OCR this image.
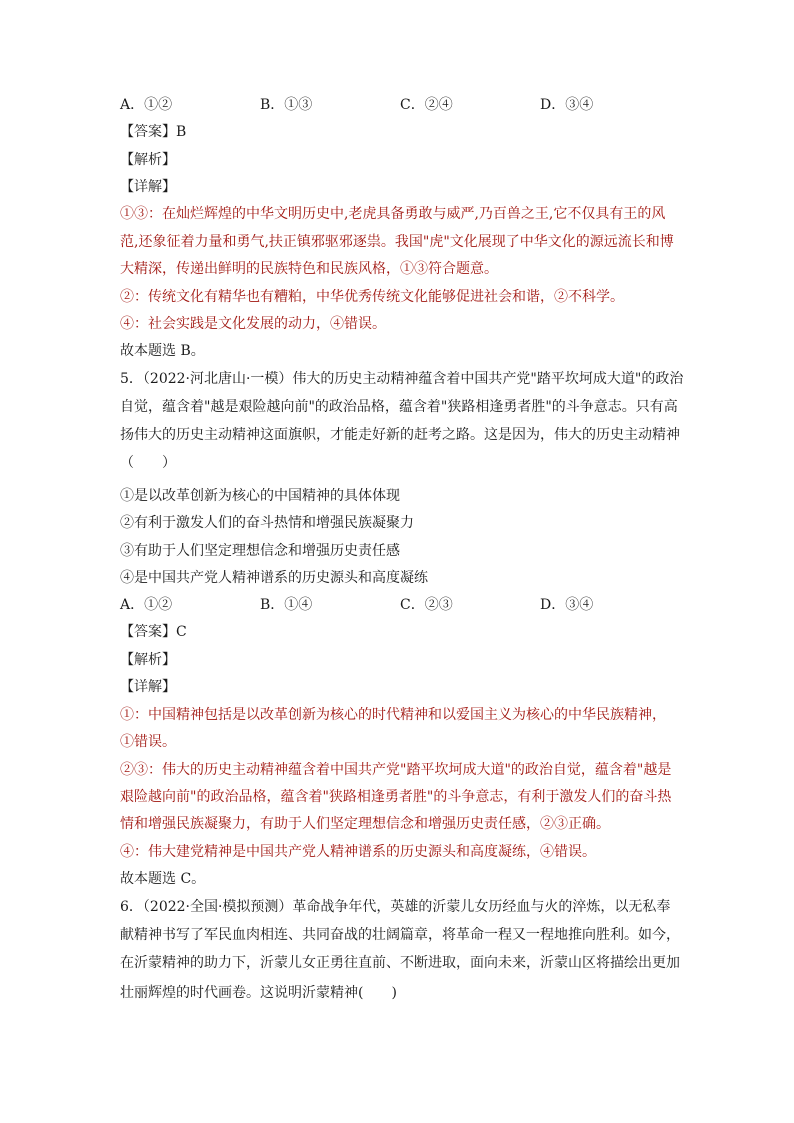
A．①②	B．①③	C．②④	D．③④
【答案】B
【解析】
【详解】
①③：在灿烂辉煌的中华文明历史中,老虎具备勇敢与威严,乃百兽之王,它不仅具有王的风
范,还象征着力量和勇气,扶正镇邪驱邪逐祟。我国"虎"文化展现了中华文化的源远流长和博
大精深，传递出鲜明的民族特色和民族风格，①③符合题意。
②：传统文化有精华也有糟粕，中华优秀传统文化能够促进社会和谐，②不科学。
④：社会实践是文化发展的动力，④错误。
故本题选 B。
5．（2022·河北唐山·一模）伟大的历史主动精神蕴含着中国共产党"踏平坎坷成大道"的政治
自觉，蕴含着"越是艰险越向前"的政治品格，蕴含着"狭路相逢勇者胜"的斗争意志。只有高
扬伟大的历史主动精神这面旗帜，才能走好新的赶考之路。这是因为，伟大的历史主动精神
（　　）
①是以改革创新为核心的中国精神的具体体现
②有利于激发人们的奋斗热情和增强民族凝聚力
③有助于人们坚定理想信念和增强历史责任感
④是中国共产党人精神谱系的历史源头和高度凝练
A．①②	B．①④	C．②③	D．③④
【答案】C
【解析】
【详解】
①：中国精神包括是以改革创新为核心的时代精神和以爱国主义为核心的中华民族精神，
①错误。
②③：伟大的历史主动精神蕴含着中国共产党"踏平坎坷成大道"的政治自觉，蕴含着"越是
艰险越向前"的政治品格，蕴含着"狭路相逢勇者胜"的斗争意志，有利于激发人们的奋斗热
情和增强民族凝聚力，有助于人们坚定理想信念和增强历史责任感，②③正确。
④：伟大建党精神是中国共产党人精神谱系的历史源头和高度凝练，④错误。
故本题选 C。
6．（2022·全国·模拟预测）革命战争年代，英雄的沂蒙儿女历经血与火的淬炼，以无私奉
献精神书写了军民血肉相连、共同奋战的壮阔篇章，将革命一程又一程地推向胜利。如今，
在沂蒙精神的助力下，沂蒙儿女正勇往直前、不断进取，面向未来，沂蒙山区将描绘出更加
壮丽辉煌的时代画卷。这说明沂蒙精神(　　)
